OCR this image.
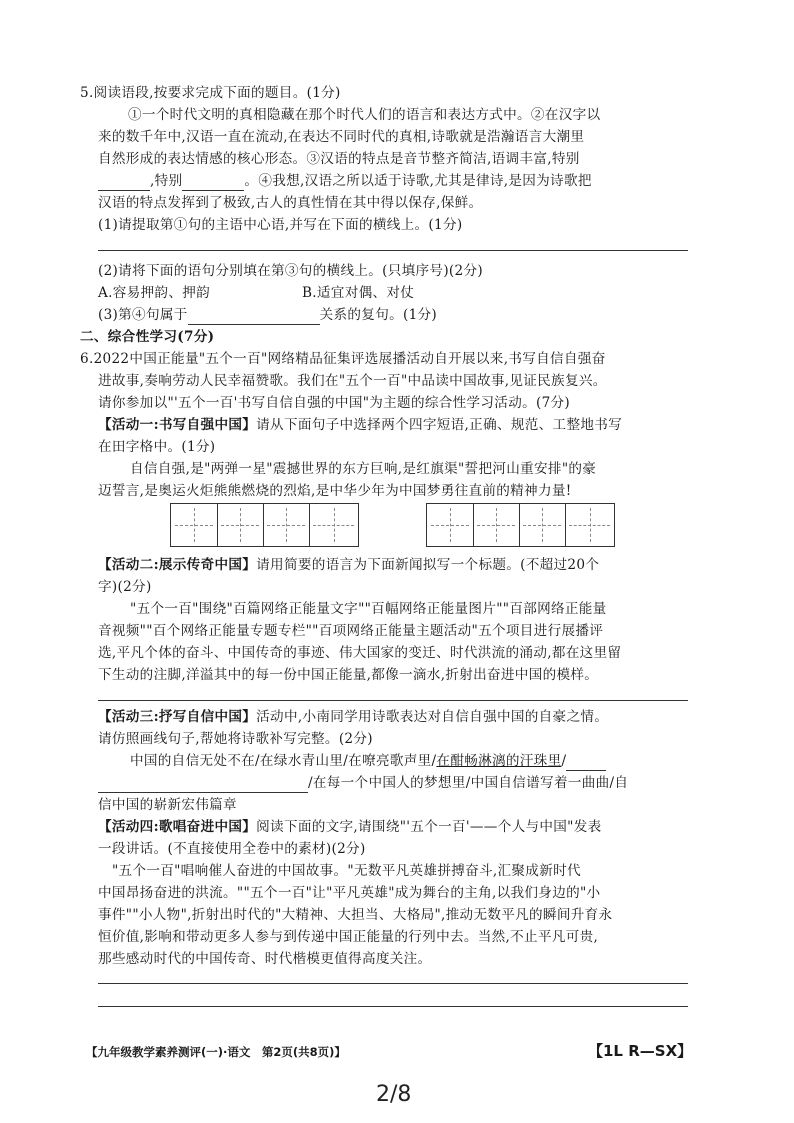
5.阅读语段,按要求完成下面的题目。(1分)
①一个时代文明的真相隐藏在那个时代人们的语言和表达方式中。②在汉字以
来的数千年中,汉语一直在流动,在表达不同时代的真相,诗歌就是浩瀚语言大潮里
自然形成的表达情感的核心形态。③汉语的特点是音节整齐简洁,语调丰富,特别
,特别	。④我想,汉语之所以适于诗歌,尤其是律诗,是因为诗歌把
汉语的特点发挥到了极致,古人的真性情在其中得以保存,保鲜。
(1)请提取第①句的主语中心语,并写在下面的横线上。(1分)
(2)请将下面的语句分别填在第③句的横线上。(只填序号)(2分)
A.容易押韵、押韵	B.适宜对偶、对仗
(3)第④句属于	关系的复句。(1分)
二、综合性学习(7分)
6.2022中国正能量"五个一百"网络精品征集评选展播活动自开展以来,书写自信自强奋
进故事,奏响劳动人民幸福赞歌。我们在"五个一百"中品读中国故事,见证民族复兴。
请你参加以"'五个一百'书写自信自强的中国"为主题的综合性学习活动。(7分)
【活动一:书写自强中国】请从下面句子中选择两个四字短语,正确、规范、工整地书写
在田字格中。(1分)
自信自强,是"两弹一星"震撼世界的东方巨响,是红旗渠"誓把河山重安排"的豪
迈誓言,是奥运火炬熊熊燃烧的烈焰,是中华少年为中国梦勇往直前的精神力量!
【活动二:展示传奇中国】请用简要的语言为下面新闻拟写一个标题。(不超过20个
字)(2分)
"五个一百"围绕"百篇网络正能量文字""百幅网络正能量图片""百部网络正能量
音视频""百个网络正能量专题专栏""百项网络正能量主题活动"五个项目进行展播评
选,平凡个体的奋斗、中国传奇的事迹、伟大国家的变迁、时代洪流的涌动,都在这里留
下生动的注脚,洋溢其中的每一份中国正能量,都像一滴水,折射出奋进中国的模样。
【活动三:抒写自信中国】活动中,小南同学用诗歌表达对自信自强中国的自豪之情。
请仿照画线句子,帮她将诗歌补写完整。(2分)
中国的自信无处不在/在绿水青山里/在嘹亮歌声里/在酣畅淋漓的汗珠里/
/在每一个中国人的梦想里/中国自信谱写着一曲曲/自
信中国的崭新宏伟篇章
【活动四:歌唱奋进中国】阅读下面的文字,请围绕"'五个一百'——个人与中国"发表
一段讲话。(不直接使用全卷中的素材)(2分)
"五个一百"唱响催人奋进的中国故事。"无数平凡英雄拼搏奋斗,汇聚成新时代
中国昂扬奋进的洪流。""五个一百"让"平凡英雄"成为舞台的主角,以我们身边的"小
事件""小人物",折射出时代的"大精神、大担当、大格局",推动无数平凡的瞬间升育永
恒价值,影响和带动更多人参与到传递中国正能量的行列中去。当然,不止平凡可贵,
那些感动时代的中国传奇、时代楷模更值得高度关注。
【九年级教学素养测评(一)·语文　第2页(共8页)】	【1L R—SX】
2/8
